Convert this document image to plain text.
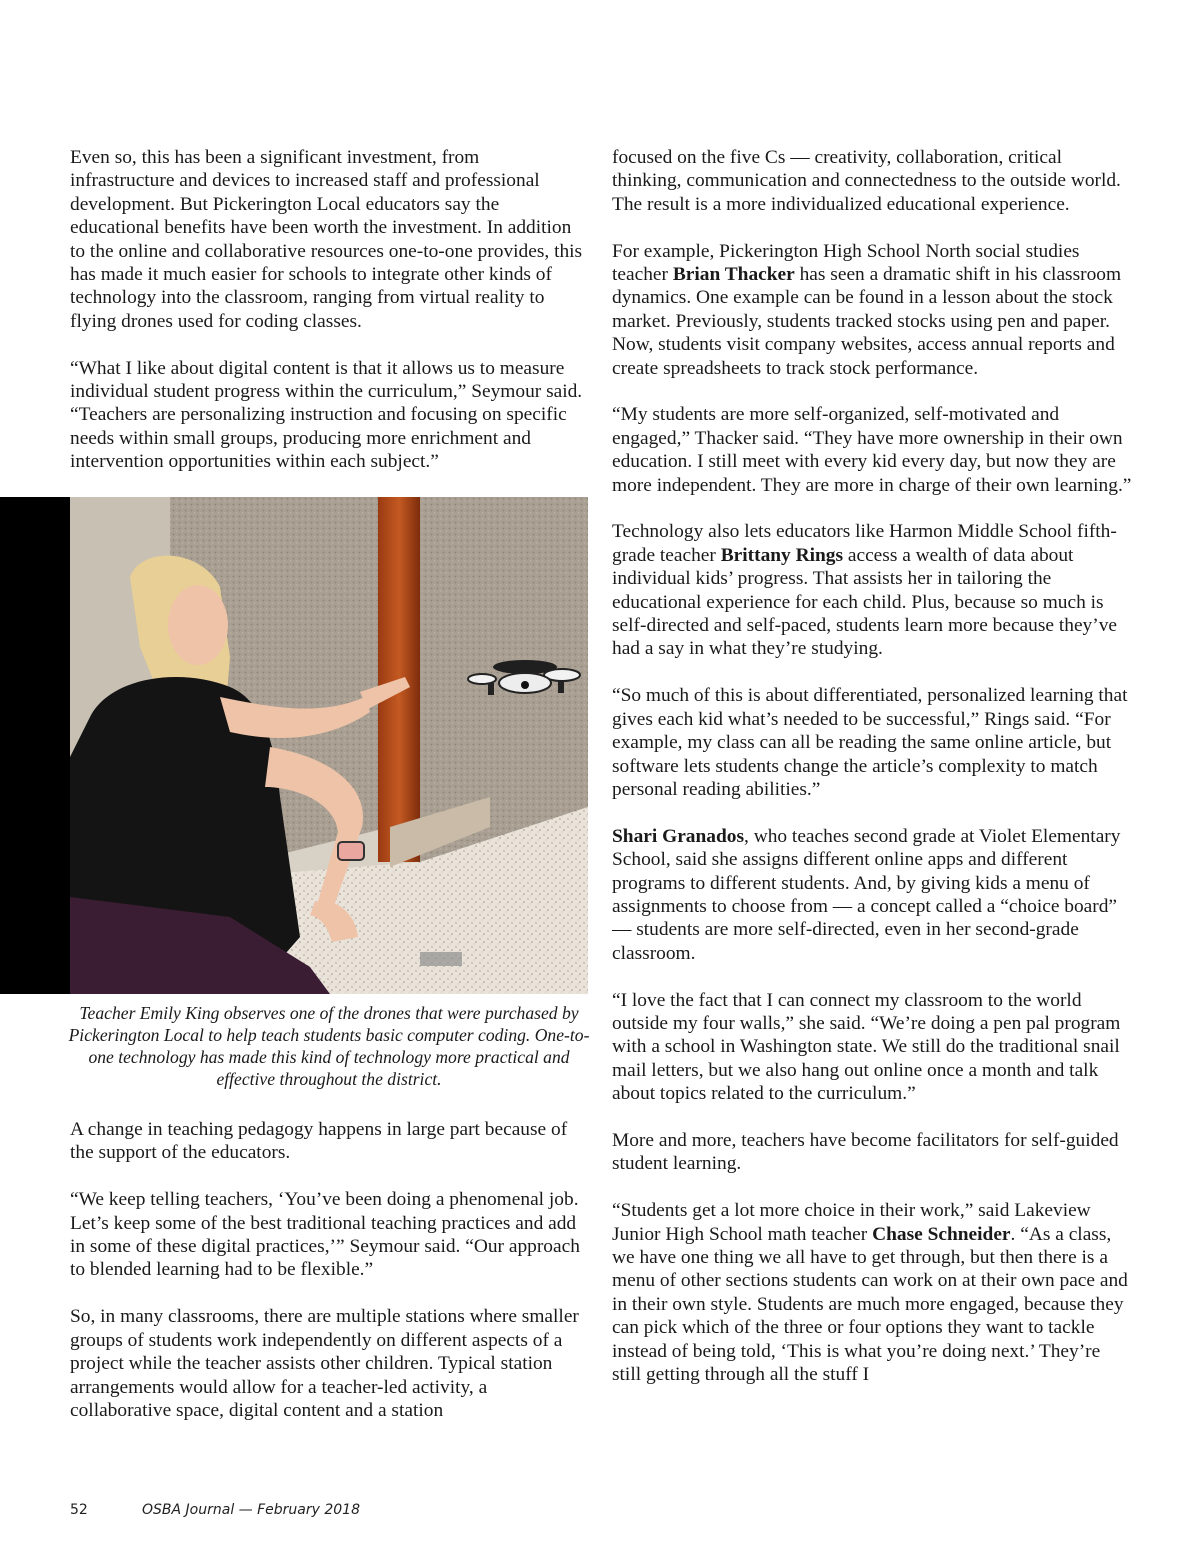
Even so, this has been a significant investment, from infrastructure and devices to increased staff and professional development. But Pickerington Local educators say the educational benefits have been worth the investment. In addition to the online and collaborative resources one-to-one provides, this has made it much easier for schools to integrate other kinds of technology into the classroom, ranging from virtual reality to flying drones used for coding classes.

“What I like about digital content is that it allows us to measure individual student progress within the curriculum,” Seymour said. “Teachers are personalizing instruction and focusing on specific needs within small groups, producing more enrichment and intervention opportunities within each subject.”

Teacher Emily King observes one of the drones that were purchased by Pickerington Local to help teach students basic computer coding. One-to-one technology has made this kind of technology more practical and effective throughout the district.

A change in teaching pedagogy happens in large part because of the support of the educators.

“We keep telling teachers, ‘You’ve been doing a phenomenal job. Let’s keep some of the best traditional teaching practices and add in some of these digital practices,’” Seymour said. “Our approach to blended learning had to be flexible.”

So, in many classrooms, there are multiple stations where smaller groups of students work independently on different aspects of a project while the teacher assists other children. Typical station arrangements would allow for a teacher-led activity, a collaborative space, digital content and a station

focused on the five Cs — creativity, collaboration, critical thinking, communication and connectedness to the outside world. The result is a more individualized educational experience.

For example, Pickerington High School North social studies teacher Brian Thacker has seen a dramatic shift in his classroom dynamics. One example can be found in a lesson about the stock market. Previously, students tracked stocks using pen and paper. Now, students visit company websites, access annual reports and create spreadsheets to track stock performance.

“My students are more self-organized, self-motivated and engaged,” Thacker said. “They have more ownership in their own education. I still meet with every kid every day, but now they are more independent. They are more in charge of their own learning.”

Technology also lets educators like Harmon Middle School fifth-grade teacher Brittany Rings access a wealth of data about individual kids’ progress. That assists her in tailoring the educational experience for each child. Plus, because so much is self-directed and self-paced, students learn more because they’ve had a say in what they’re studying.

“So much of this is about differentiated, personalized learning that gives each kid what’s needed to be successful,” Rings said. “For example, my class can all be reading the same online article, but software lets students change the article’s complexity to match personal reading abilities.”

Shari Granados, who teaches second grade at Violet Elementary School, said she assigns different online apps and different programs to different students. And, by giving kids a menu of assignments to choose from — a concept called a “choice board” — students are more self-directed, even in her second-grade classroom.

“I love the fact that I can connect my classroom to the world outside my four walls,” she said. “We’re doing a pen pal program with a school in Washington state. We still do the traditional snail mail letters, but we also hang out online once a month and talk about topics related to the curriculum.”

More and more, teachers have become facilitators for self-guided student learning.

“Students get a lot more choice in their work,” said Lakeview Junior High School math teacher Chase Schneider. “As a class, we have one thing we all have to get through, but then there is a menu of other sections students can work on at their own pace and in their own style. Students are much more engaged, because they can pick which of the three or four options they want to tackle instead of being told, ‘This is what you’re doing next.’ They’re still getting through all the stuff I

52	OSBA Journal — February 2018
